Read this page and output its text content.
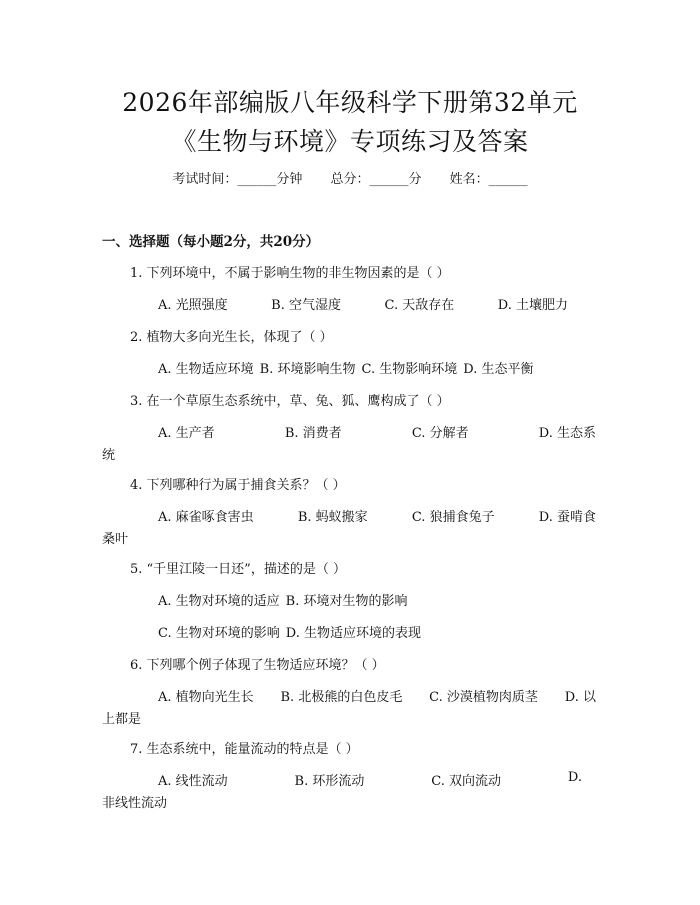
2026年部编版八年级科学下册第32单元
《生物与环境》专项练习及答案
考试时间：______分钟 总分：______分 姓名：______
一、选择题（每小题2分，共20分）
1. 下列环境中，不属于影响生物的非生物因素的是（ ）
A. 光照强度	B. 空气湿度	C. 天敌存在	D. 土壤肥力
2. 植物大多向光生长，体现了（ ）
A. 生物适应环境 B. 环境影响生物 C. 生物影响环境 D. 生态平衡
3. 在一个草原生态系统中，草、兔、狐、鹰构成了（ ）
A. 生产者	B. 消费者	C. 分解者	D. 生态系
统
4. 下列哪种行为属于捕食关系？（ ）
A. 麻雀啄食害虫	B. 蚂蚁搬家	C. 狼捕食兔子	D. 蚕啃食
桑叶
5. “千里江陵一日还”，描述的是（ ）
A. 生物对环境的适应 B. 环境对生物的影响
C. 生物对环境的影响 D. 生物适应环境的表现
6. 下列哪个例子体现了生物适应环境？（ ）
A. 植物向光生长 B. 北极熊的白色皮毛 C. 沙漠植物肉质茎 D. 以
上都是
7. 生态系统中，能量流动的特点是（ ）
A. 线性流动	B. 环形流动	C. 双向流动	D.
非线性流动
